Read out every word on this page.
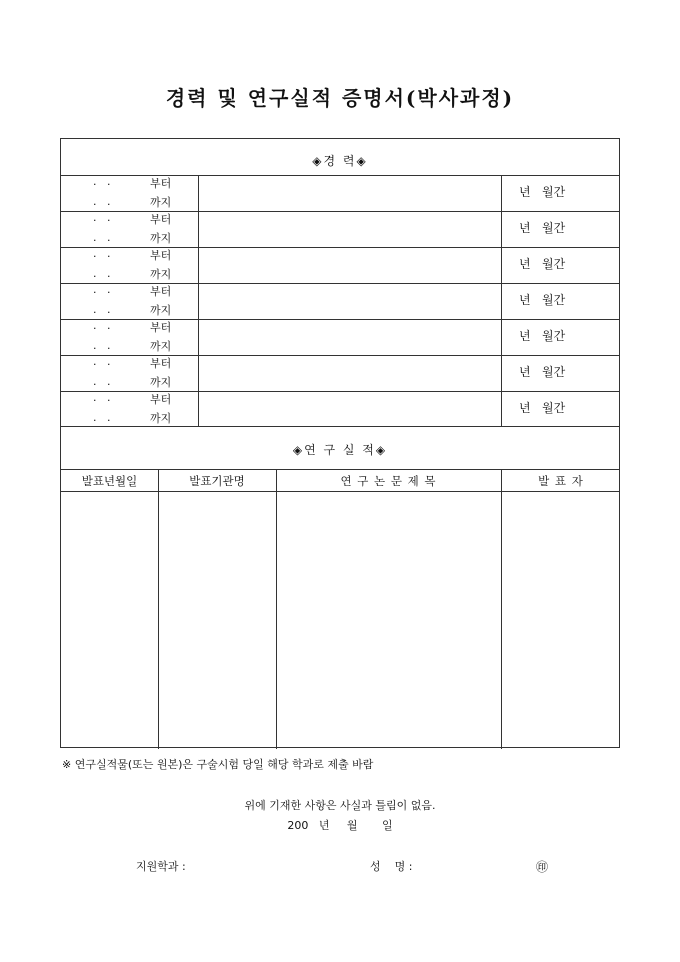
경력 및 연구실적 증명서(박사과정)
◈경 력◈
·   ·	부터
.   .	까지
년   월간
·   ·	부터
.   .	까지
년   월간
·   ·	부터
.   .	까지
년   월간
·   ·	부터
.   .	까지
년   월간
·   ·	부터
.   .	까지
년   월간
·   ·	부터
.   .	까지
년   월간
·   ·	부터
.   .	까지
년   월간
◈연 구 실 적◈
발표년월일	발표기관명	연 구 논 문 제 목	발 표 자
※ 연구실적물(또는 원본)은 구술시험 당일 해당 학과로 제출 바람
위에 기재한 사항은 사실과 틀림이 없음.
200   년     월       일
지원학과 :	성    명 :	㊞
